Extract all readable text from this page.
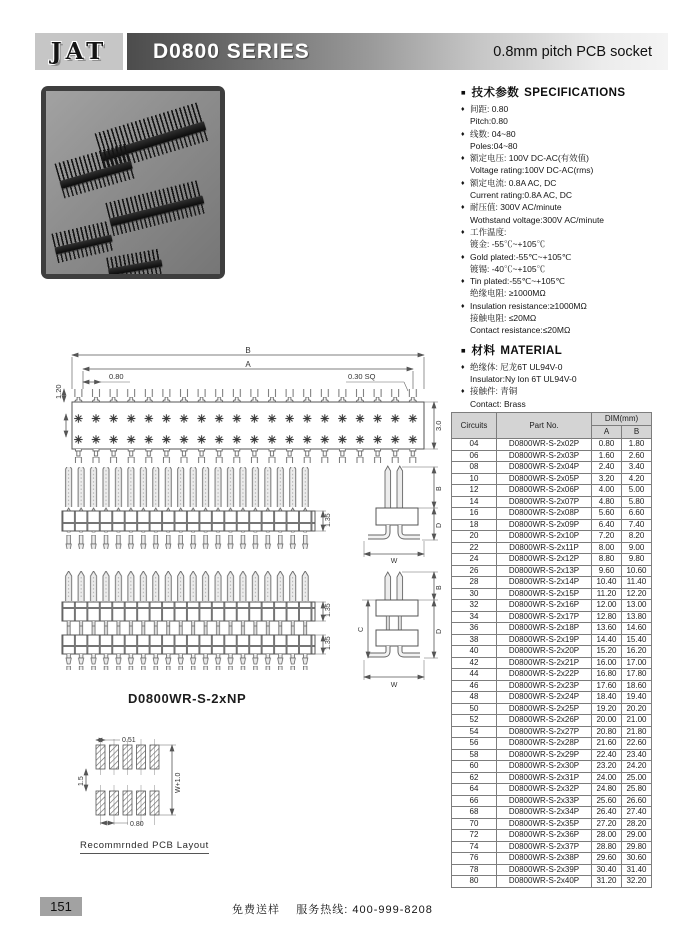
JAT D0800 SERIES	0.8mm pitch PCB socket
■ 技术参数 SPECIFICATIONS
♦ 间距: 0.80
Pitch:0.80
♦ 线数: 04~80
Poles:04~80
♦ 额定电压: 100V DC-AC(有效值)
Voltage rating:100V DC-AC(rms)
♦ 额定电流: 0.8A AC, DC
Current rating:0.8A AC, DC
♦ 耐压值: 300V AC/minute
Wothstand voltage:300V AC/minute
♦ 工作温度:
镀金: -55℃~+105℃
♦ Gold plated:-55℃~+105℃
镀锡: -40℃~+105℃
♦ Tin plated:-55℃~+105℃
绝缘电阻: ≥1000MΩ
♦ Insulation resistance:≥1000MΩ
接触电阻: ≤20MΩ
Contact resistance:≤20MΩ
■ 材料 MATERIAL
♦ 绝缘体: 尼龙6T UL94V-0
Insulator:Ny lon 6T UL94V-0
♦ 接触件: 青铜
Contact: Brass
B
A
0.80	0.30 SQ
1.20
3.0
1.35
B
D
W
1.35
1.35
C
B
D
W
D0800WR-S-2xNP
0.51
1.5	W+1.0
0.80
Recommrnded PCB Layout
Circuits	Part No.	DIM(mm)	
		A	B
04	D0800WR-S-2x02P	0.80	1.80
06	D0800WR-S-2x03P	1.60	2.60
08	D0800WR-S-2x04P	2.40	3.40
10	D0800WR-S-2x05P	3.20	4.20
12	D0800WR-S-2x06P	4.00	5.00
14	D0800WR-S-2x07P	4.80	5.80
16	D0800WR-S-2x08P	5.60	6.60
18	D0800WR-S-2x09P	6.40	7.40
20	D0800WR-S-2x10P	7.20	8.20
22	D0800WR-S-2x11P	8.00	9.00
24	D0800WR-S-2x12P	8.80	9.80
26	D0800WR-S-2x13P	9.60	10.60
28	D0800WR-S-2x14P	10.40	11.40
30	D0800WR-S-2x15P	11.20	12.20
32	D0800WR-S-2x16P	12.00	13.00
34	D0800WR-S-2x17P	12.80	13.80
36	D0800WR-S-2x18P	13.60	14.60
38	D0800WR-S-2x19P	14.40	15.40
40	D0800WR-S-2x20P	15.20	16.20
42	D0800WR-S-2x21P	16.00	17.00
44	D0800WR-S-2x22P	16.80	17.80
46	D0800WR-S-2x23P	17.60	18.60
48	D0800WR-S-2x24P	18.40	19.40
50	D0800WR-S-2x25P	19.20	20.20
52	D0800WR-S-2x26P	20.00	21.00
54	D0800WR-S-2x27P	20.80	21.80
56	D0800WR-S-2x28P	21.60	22.60
58	D0800WR-S-2x29P	22.40	23.40
60	D0800WR-S-2x30P	23.20	24.20
62	D0800WR-S-2x31P	24.00	25.00
64	D0800WR-S-2x32P	24.80	25.80
66	D0800WR-S-2x33P	25.60	26.60
68	D0800WR-S-2x34P	26.40	27.40
70	D0800WR-S-2x35P	27.20	28.20
72	D0800WR-S-2x36P	28.00	29.00
74	D0800WR-S-2x37P	28.80	29.80
76	D0800WR-S-2x38P	29.60	30.60
78	D0800WR-S-2x39P	30.40	31.40
80	D0800WR-S-2x40P	31.20	32.20
151	免费送样    服务热线: 400-999-8208
